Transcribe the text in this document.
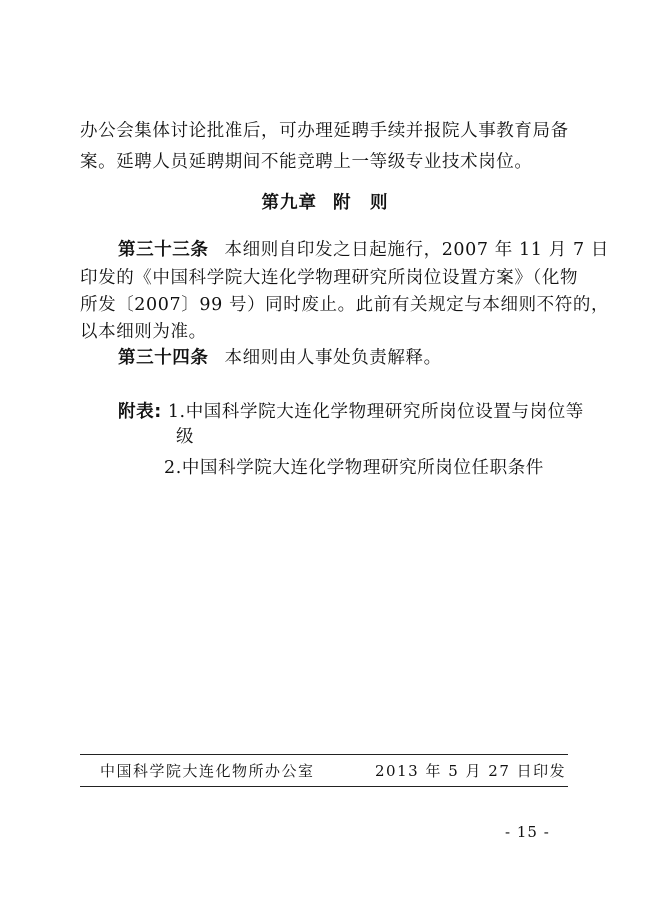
办公会集体讨论批准后，可办理延聘手续并报院人事教育局备
案。延聘人员延聘期间不能竞聘上一等级专业技术岗位。
第九章 附　则
第三十三条 本细则自印发之日起施行，2007 年 11 月 7 日
印发的《中国科学院大连化学物理研究所岗位设置方案》（化物
所发〔2007〕99 号）同时废止。此前有关规定与本细则不符的，
以本细则为准。
第三十四条 本细则由人事处负责解释。
附表: 1.中国科学院大连化学物理研究所岗位设置与岗位等
级
2.中国科学院大连化学物理研究所岗位任职条件
中国科学院大连化物所办公室	2013 年 5 月 27 日印发
- 15 -
